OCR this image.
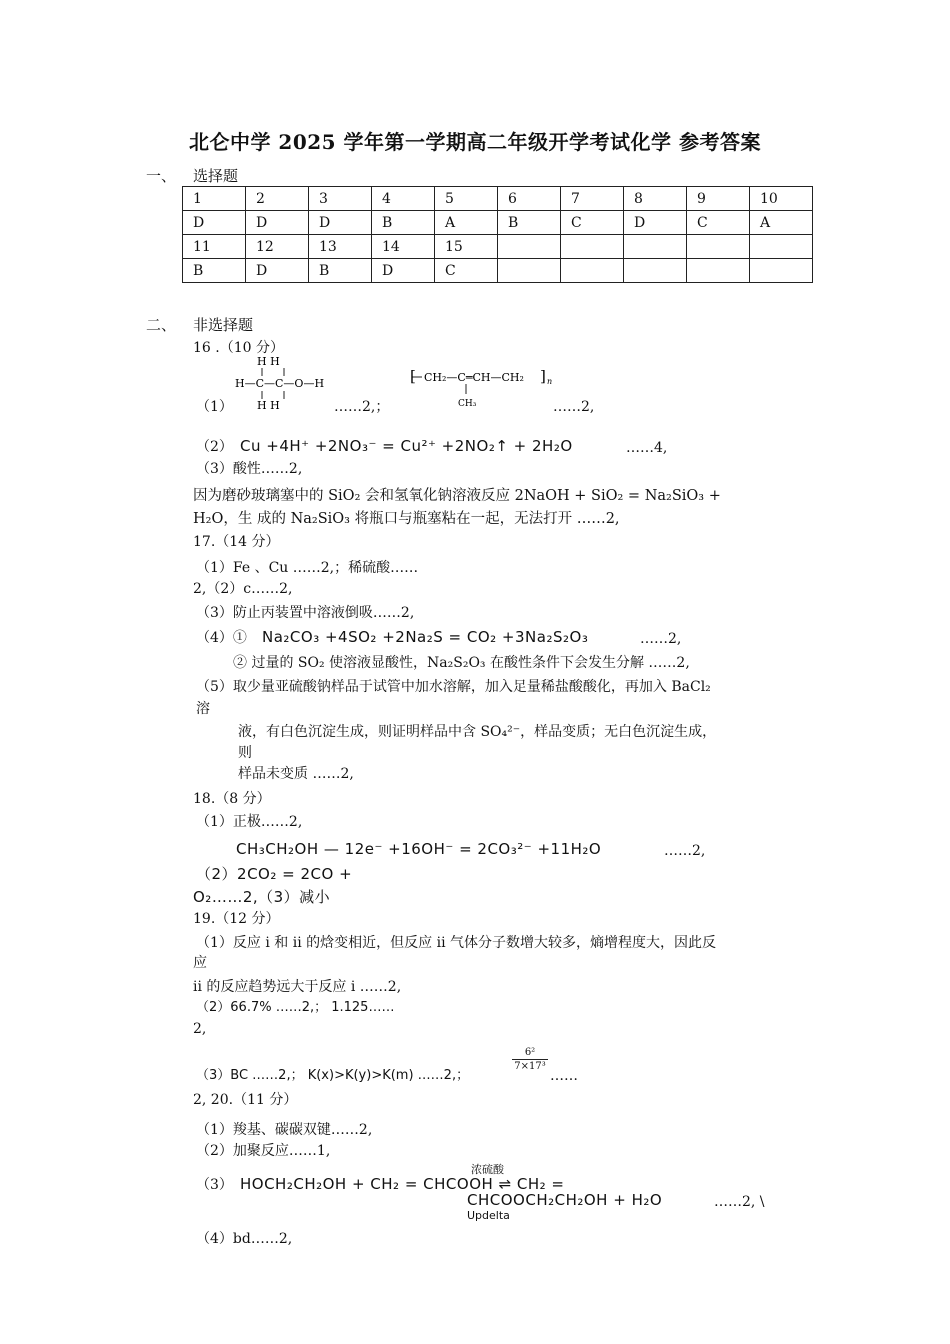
北仑中学 2025 学年第一学期高二年级开学考试化学 参考答案
一、 选择题
1	2	3	4	5	6	7	8	9	10
D	D	D	B	A	B	C	D	C	A
11	12	13	14	15					
B	D	B	D	C					
二、 非选择题
16 .（10 分）
H H
H—C—C—O—H
H H
[ CH₂—C═CH—CH₂ ] n
CH₃
（1）	……2,；	……2,
（2） Cu +4H⁺ +2NO₃⁻ = Cu²⁺ +2NO₂↑ + 2H₂O	……4,
（3）酸性……2,
因为磨砂玻璃塞中的 SiO₂ 会和氢氧化钠溶液反应 2NaOH + SiO₂ = Na₂SiO₃ +
H₂O，生 成的 Na₂SiO₃ 将瓶口与瓶塞粘在一起，无法打开 ……2,
17.（14 分）
（1）Fe 、Cu ……2,；稀硫酸……
2,（2）c……2,
（3）防止丙装置中溶液倒吸……2,
（4）① Na₂CO₃ +4SO₂ +2Na₂S = CO₂ +3Na₂S₂O₃	……2,
② 过量的 SO₂ 使溶液显酸性，Na₂S₂O₃ 在酸性条件下会发生分解 ……2,
（5）取少量亚硫酸钠样品于试管中加水溶解，加入足量稀盐酸酸化，再加入 BaCl₂
溶
液，有白色沉淀生成，则证明样品中含 SO₄²⁻，样品变质；无白色沉淀生成，
则
样品未变质 ……2,
18.（8 分）
（1）正极……2,
CH₃CH₂OH — 12e⁻ +16OH⁻ = 2CO₃²⁻ +11H₂O	……2,
（2）2CO₂ = 2CO +
O₂……2,（3）减小
19.（12 分）
（1）反应 i 和 ii 的焓变相近，但反应 ii 气体分子数增大较多，熵增程度大，因此反
应
ii 的反应趋势远大于反应 i ……2,
（2）66.7% ……2,； 1.125……
2,
（3）BC ……2,； K(x)>K(y)>K(m) ……2,；
$\frac{\text{6²}}{\text{7×17³}}$
……
2, 20.（11 分）
（1）羧基、碳碳双键……2,
（2）加聚反应……1,
浓硫酸
（3） HOCH₂CH₂OH + CH₂ = CHCOOH ⇌ CH₂ =
CHCOOCH₂CH₂OH + H₂O	……2, \
Updelta
（4）bd……2,
